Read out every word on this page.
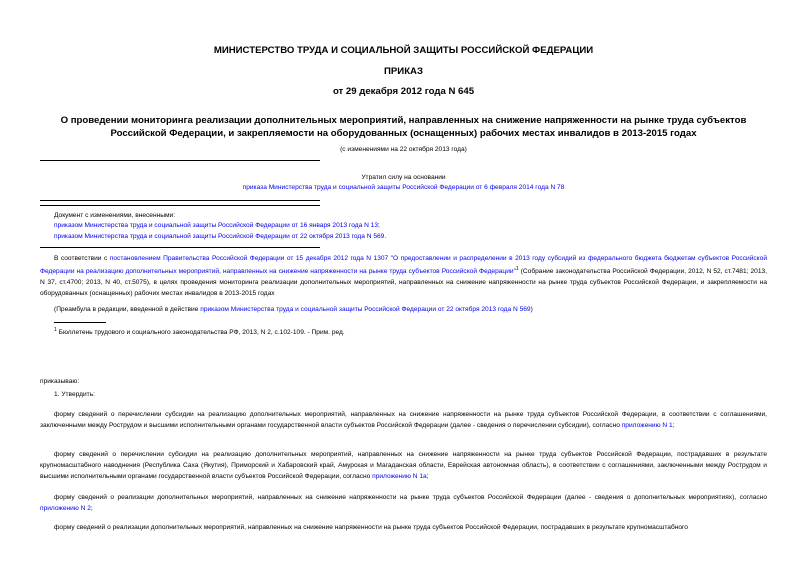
МИНИСТЕРСТВО ТРУДА И СОЦИАЛЬНОЙ ЗАЩИТЫ РОССИЙСКОЙ ФЕДЕРАЦИИ
ПРИКАЗ
от 29 декабря 2012 года N 645
О проведении мониторинга реализации дополнительных мероприятий, направленных на снижение напряженности на рынке труда субъектов Российской Федерации, и закрепляемости на оборудованных (оснащенных) рабочих местах инвалидов в 2013-2015 годах
(с изменениями на 22 октября 2013 года)
Утратил силу на основании
приказа Министерства труда и социальной защиты Российской Федерации от 6 февраля 2014 года N 78
Документ с изменениями, внесенными:
приказом Министерства труда и социальной защиты Российской Федерации от 16 января 2013 года N 13;
приказом Министерства труда и социальной защиты Российской Федерации от 22 октября 2013 года N 569.
В соответствии с постановлением Правительства Российской Федерации от 15 декабря 2012 года N 1307 "О предоставлении и распределении в 2013 году субсидий из федерального бюджета бюджетам субъектов Российской Федерации на реализацию дополнительных мероприятий, направленных на снижение напряженности на рынке труда субъектов Российской Федерации"$^1$ (Собрание законодательства Российской Федерации, 2012, N 52, ст.7481; 2013, N 37, ст.4700; 2013, N 40, ст.5075), в целях проведения мониторинга реализации дополнительных мероприятий, направленных на снижение напряженности на рынке труда субъектов Российской Федерации, и закрепляемости на оборудованных (оснащенных) рабочих местах инвалидов в 2013-2015 годах
(Преамбула в редакции, введенной в действие приказом Министерства труда и социальной защиты Российской Федерации от 22 октября 2013 года N 569)
$^1$ Бюллетень трудового и социального законодательства РФ, 2013, N 2, с.102-109. - Прим. ред.
приказываю:
1. Утвердить:
форму сведений о перечислении субсидии на реализацию дополнительных мероприятий, направленных на снижение напряженности на рынке труда субъектов Российской Федерации, в соответствии с соглашениями, заключенными между Рострудом и высшими исполнительными органами государственной власти субъектов Российской Федерации (далее - сведения о перечислении субсидии), согласно приложению N 1;
форму сведений о перечислении субсидии на реализацию дополнительных мероприятий, направленных на снижение напряженности на рынке труда субъектов Российской Федерации, пострадавших в результате крупномасштабного наводнения (Республика Саха (Якутия), Приморский и Хабаровский край, Амурская и Магаданская области, Еврейская автономная область), в соответствии с соглашениями, заключенными между Рострудом и высшими исполнительными органами государственной власти субъектов Российской Федерации, согласно приложению N 1а;
форму сведений о реализации дополнительных мероприятий, направленных на снижение напряженности на рынке труда субъектов Российской Федерации (далее - сведения о дополнительных мероприятиях), согласно приложению N 2;
форму сведений о реализации дополнительных мероприятий, направленных на снижение напряженности на рынке труда субъектов Российской Федерации, пострадавших в результате крупномасштабного
